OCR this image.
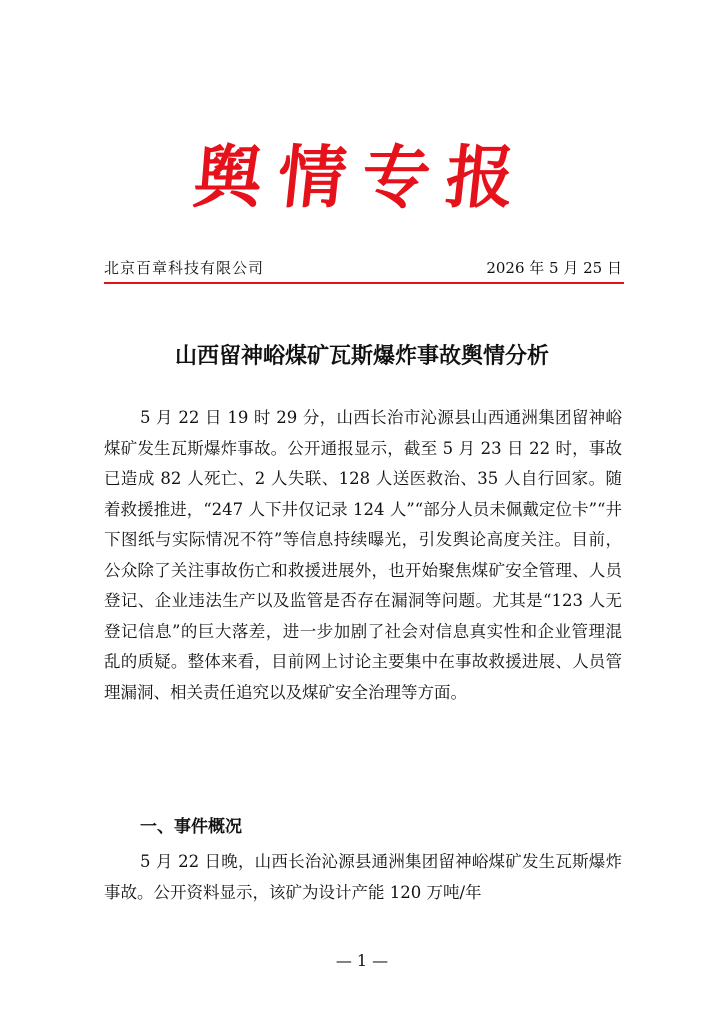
舆情专报
北京百章科技有限公司	2026 年 5 月 25 日
山西留神峪煤矿瓦斯爆炸事故舆情分析
5 月 22 日 19 时 29 分，山西长治市沁源县山西通洲集团留神峪煤矿发生瓦斯爆炸事故。公开通报显示，截至 5 月 23 日 22 时，事故已造成 82 人死亡、2 人失联、128 人送医救治、35 人自行回家。随着救援推进，“247 人下井仅记录 124 人”“部分人员未佩戴定位卡”“井下图纸与实际情况不符”等信息持续曝光，引发舆论高度关注。目前，公众除了关注事故伤亡和救援进展外，也开始聚焦煤矿安全管理、人员登记、企业违法生产以及监管是否存在漏洞等问题。尤其是“123 人无登记信息”的巨大落差，进一步加剧了社会对信息真实性和企业管理混乱的质疑。整体来看，目前网上讨论主要集中在事故救援进展、人员管理漏洞、相关责任追究以及煤矿安全治理等方面。
一、事件概况
5 月 22 日晚，山西长治沁源县通洲集团留神峪煤矿发生瓦斯爆炸事故。公开资料显示，该矿为设计产能 120 万吨/年
— 1 —
